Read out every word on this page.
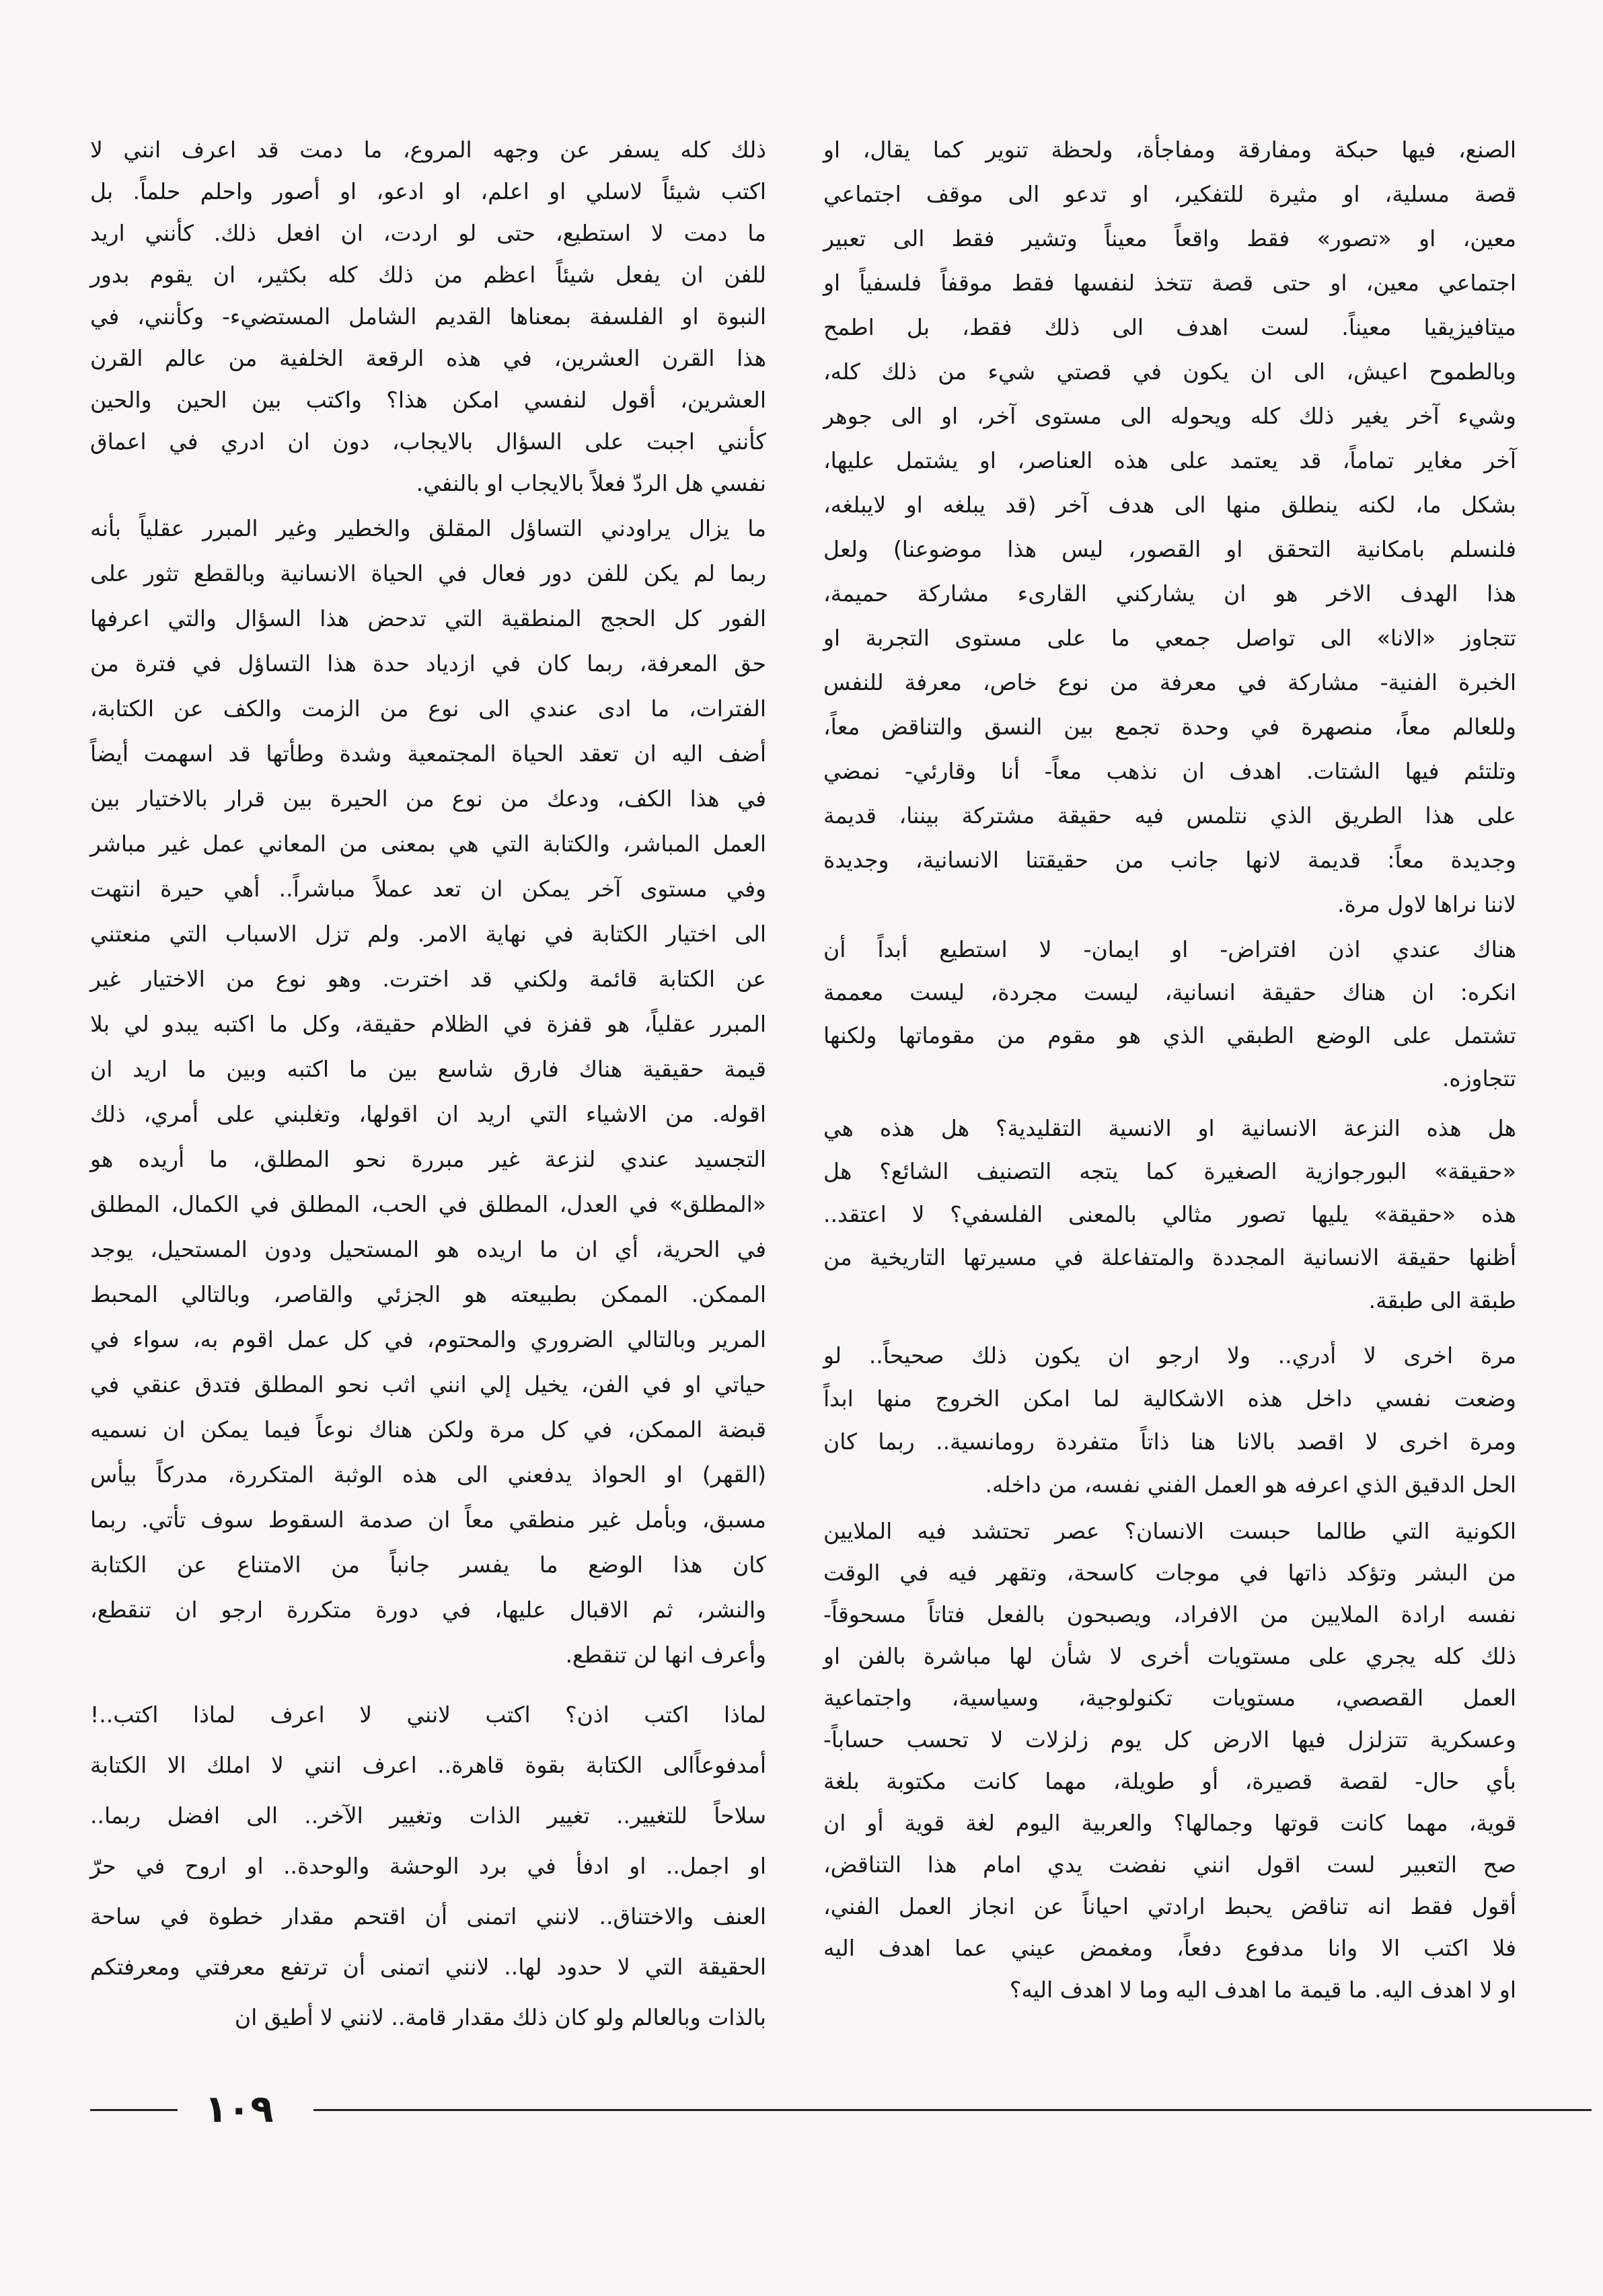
الصنع، فيها حبكة ومفارقة ومفاجأة، ولحظة تنوير كما يقال، او
قصة مسلية، او مثيرة للتفكير، او تدعو الى موقف اجتماعي
معين، او «تصور» فقط واقعاً معيناً وتشير فقط الى تعبير
اجتماعي معين، او حتى قصة تتخذ لنفسها فقط موقفاً فلسفياً او
ميتافيزيقيا معيناً. لست اهدف الى ذلك فقط، بل اطمح
وبالطموح اعيش، الى ان يكون في قصتي شيء من ذلك كله،
وشيء آخر يغير ذلك كله ويحوله الى مستوى آخر، او الى جوهر
آخر مغاير تماماً، قد يعتمد على هذه العناصر، او يشتمل عليها،
بشكل ما، لكنه ينطلق منها الى هدف آخر (قد يبلغه او لايبلغه،
فلنسلم بامكانية التحقق او القصور، ليس هذا موضوعنا) ولعل
هذا الهدف الاخر هو ان يشاركني القارىء مشاركة حميمة،
تتجاوز «الانا» الى تواصل جمعي ما على مستوى التجربة او
الخبرة الفنية- مشاركة في معرفة من نوع خاص، معرفة للنفس
وللعالم معاً، منصهرة في وحدة تجمع بين النسق والتناقض معاً،
وتلتئم فيها الشتات. اهدف ان نذهب معاً- أنا وقارئي- نمضي
على هذا الطريق الذي نتلمس فيه حقيقة مشتركة بيننا، قديمة
وجديدة معاً: قديمة لانها جانب من حقيقتنا الانسانية، وجديدة
لاننا نراها لاول مرة.
هناك عندي اذن افتراض- او ايمان- لا استطيع أبداً أن
انكره: ان هناك حقيقة انسانية، ليست مجردة، ليست معممة
تشتمل على الوضع الطبقي الذي هو مقوم من مقوماتها ولكنها
تتجاوزه.
هل هذه النزعة الانسانية او الانسية التقليدية؟ هل هذه هي
«حقيقة» البورجوازية الصغيرة كما يتجه التصنيف الشائع؟ هل
هذه «حقيقة» يليها تصور مثالي بالمعنى الفلسفي؟ لا اعتقد..
أظنها حقيقة الانسانية المجددة والمتفاعلة في مسيرتها التاريخية من
طبقة الى طبقة.
مرة اخرى لا أدري.. ولا ارجو ان يكون ذلك صحيحاً.. لو
وضعت نفسي داخل هذه الاشكالية لما امكن الخروج منها ابداً
ومرة اخرى لا اقصد بالانا هنا ذاتاً متفردة رومانسية.. ربما كان
الحل الدقيق الذي اعرفه هو العمل الفني نفسه، من داخله.
الكونية التي طالما حبست الانسان؟ عصر تحتشد فيه الملايين
من البشر وتؤكد ذاتها في موجات كاسحة، وتقهر فيه في الوقت
نفسه ارادة الملايين من الافراد، ويصبحون بالفعل فتاتاً مسحوقاً-
ذلك كله يجري على مستويات أخرى لا شأن لها مباشرة بالفن او
العمل القصصي، مستويات تكنولوجية، وسياسية، واجتماعية
وعسكرية تتزلزل فيها الارض كل يوم زلزلات لا تحسب حساباً-
بأي حال- لقصة قصيرة، أو طويلة، مهما كانت مكتوبة بلغة
قوية، مهما كانت قوتها وجمالها؟ والعربية اليوم لغة قوية أو ان
صح التعبير لست اقول انني نفضت يدي امام هذا التناقض،
أقول فقط انه تناقض يحبط ارادتي احياناً عن انجاز العمل الفني،
فلا اكتب الا وانا مدفوع دفعاً، ومغمض عيني عما اهدف اليه
او لا اهدف اليه. ما قيمة ما اهدف اليه وما لا اهدف اليه؟
ذلك كله يسفر عن وجهه المروع، ما دمت قد اعرف انني لا
اكتب شيئاً لاسلي او اعلم، او ادعو، او أصور واحلم حلماً. بل
ما دمت لا استطيع، حتى لو اردت، ان افعل ذلك. كأنني اريد
للفن ان يفعل شيئاً اعظم من ذلك كله بكثير، ان يقوم بدور
النبوة او الفلسفة بمعناها القديم الشامل المستضيء- وكأنني، في
هذا القرن العشرين، في هذه الرقعة الخلفية من عالم القرن
العشرين، أقول لنفسي امكن هذا؟ واكتب بين الحين والحين
كأنني اجبت على السؤال بالايجاب، دون ان ادري في اعماق
نفسي هل الردّ فعلاً بالايجاب او بالنفي.
ما يزال يراودني التساؤل المقلق والخطير وغير المبرر عقلياً بأنه
ربما لم يكن للفن دور فعال في الحياة الانسانية وبالقطع تثور على
الفور كل الحجج المنطقية التي تدحض هذا السؤال والتي اعرفها
حق المعرفة، ربما كان في ازدياد حدة هذا التساؤل في فترة من
الفترات، ما ادى عندي الى نوع من الزمت والكف عن الكتابة،
أضف اليه ان تعقد الحياة المجتمعية وشدة وطأتها قد اسهمت أيضاً
في هذا الكف، ودعك من نوع من الحيرة بين قرار بالاختيار بين
العمل المباشر، والكتابة التي هي بمعنى من المعاني عمل غير مباشر
وفي مستوى آخر يمكن ان تعد عملاً مباشراً.. أهي حيرة انتهت
الى اختيار الكتابة في نهاية الامر. ولم تزل الاسباب التي منعتني
عن الكتابة قائمة ولكني قد اخترت. وهو نوع من الاختيار غير
المبرر عقلياً، هو قفزة في الظلام حقيقة، وكل ما اكتبه يبدو لي بلا
قيمة حقيقية هناك فارق شاسع بين ما اكتبه وبين ما اريد ان
اقوله. من الاشياء التي اريد ان اقولها، وتغلبني على أمري، ذلك
التجسيد عندي لنزعة غير مبررة نحو المطلق، ما أريده هو
«المطلق» في العدل، المطلق في الحب، المطلق في الكمال، المطلق
في الحرية، أي ان ما اريده هو المستحيل ودون المستحيل، يوجد
الممكن. الممكن بطبيعته هو الجزئي والقاصر، وبالتالي المحبط
المرير وبالتالي الضروري والمحتوم، في كل عمل اقوم به، سواء في
حياتي او في الفن، يخيل إلي انني اثب نحو المطلق فتدق عنقي في
قبضة الممكن، في كل مرة ولكن هناك نوعاً فيما يمكن ان نسميه
(القهر) او الحواذ يدفعني الى هذه الوثبة المتكررة، مدركاً بيأس
مسبق، وبأمل غير منطقي معاً ان صدمة السقوط سوف تأتي. ربما
كان هذا الوضع ما يفسر جانباً من الامتناع عن الكتابة
والنشر، ثم الاقبال عليها، في دورة متكررة ارجو ان تنقطع،
وأعرف انها لن تنقطع.
لماذا اكتب اذن؟ اكتب لانني لا اعرف لماذا اكتب..!
أمدفوعاًالى الكتابة بقوة قاهرة.. اعرف انني لا املك الا الكتابة
سلاحاً للتغيير.. تغيير الذات وتغيير الآخر.. الى افضل ربما..
او اجمل.. او ادفأ في برد الوحشة والوحدة.. او اروح في حرّ
العنف والاختناق.. لانني اتمنى أن اقتحم مقدار خطوة في ساحة
الحقيقة التي لا حدود لها.. لانني اتمنى أن ترتفع معرفتي ومعرفتكم
بالذات وبالعالم ولو كان ذلك مقدار قامة.. لانني لا أطيق ان
١٠٩
